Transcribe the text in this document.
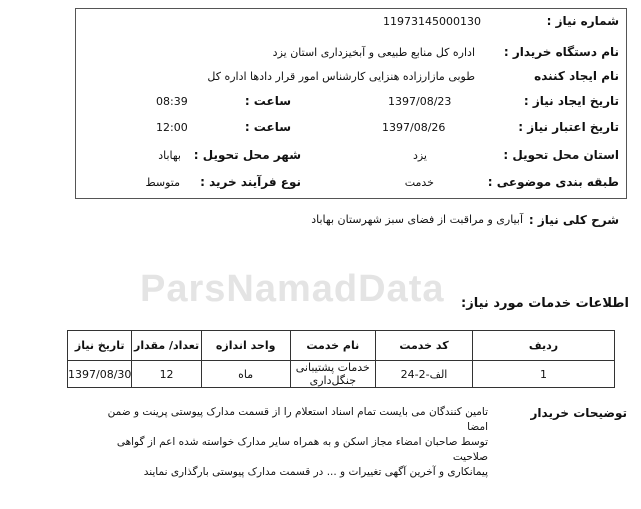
ParsNamadData
شماره نیاز :
11973145000130
نام دستگاه خریدار :
اداره کل منابع طبیعی و آبخیزداری استان یزد
نام ایجاد کننده
طوبی مازارزاده هنزایی کارشناس امور قرار دادها اداره کل
تاریخ ایجاد نیاز :
1397/08/23
ساعت :
08:39
تاریخ اعتبار نیاز :
1397/08/26
ساعت :
12:00
استان محل تحویل :
یزد
شهر محل تحویل :
بهاباد
طبقه بندی موضوعی :
خدمت
نوع فرآیند خرید :
متوسط
شرح کلی نیاز :
آبیاری و مراقبت از فضای سبز شهرستان بهاباد
اطلاعات خدمات مورد نیاز:
تاریخ نیاز	تعداد/ مقدار	واحد اندازه	نام خدمت	کد خدمت	ردیف
1397/08/30	12	ماه	خدمات پشتیبانی جنگل‌داری	الف-2-24	1
توضیحات خریدار
تامین کنندگان می بایست تمام اسناد استعلام را از قسمت مدارک پیوستی پرینت و ضمن امضا
توسط صاحبان امضاء مجاز اسکن و به همراه سایر مدارک خواسته شده اعم از گواهی صلاحیت
پیمانکاری و آخرین آگهی تغییرات و ... در قسمت مدارک پیوستی بارگذاری نمایند
